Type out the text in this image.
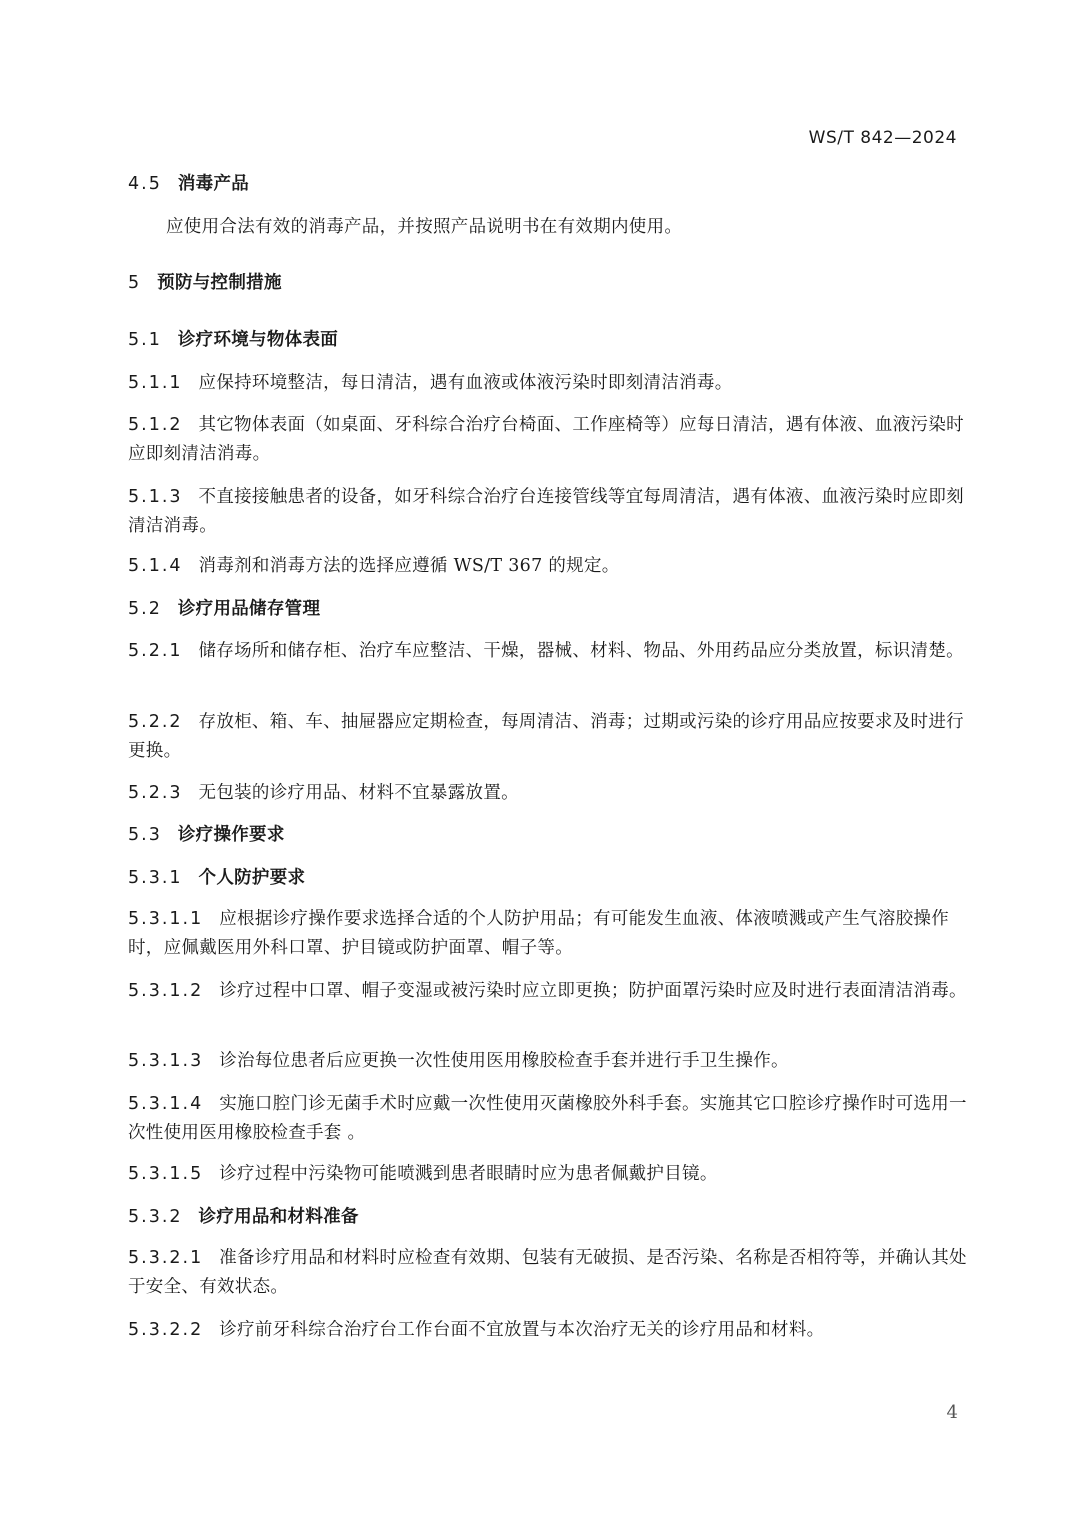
WS/T 842—2024
4.5 消毒产品
应使用合法有效的消毒产品，并按照产品说明书在有效期内使用。
5 预防与控制措施
5.1 诊疗环境与物体表面
5.1.1 应保持环境整洁，每日清洁，遇有血液或体液污染时即刻清洁消毒。
5.1.2 其它物体表面（如桌面、牙科综合治疗台椅面、工作座椅等）应每日清洁，遇有体液、血液污染时应即刻清洁消毒。
5.1.3 不直接接触患者的设备，如牙科综合治疗台连接管线等宜每周清洁，遇有体液、血液污染时应即刻清洁消毒。
5.1.4 消毒剂和消毒方法的选择应遵循 WS/T 367 的规定。
5.2 诊疗用品储存管理
5.2.1 储存场所和储存柜、治疗车应整洁、干燥，器械、材料、物品、外用药品应分类放置，标识清楚。
5.2.2 存放柜、箱、车、抽屉器应定期检查，每周清洁、消毒；过期或污染的诊疗用品应按要求及时进行更换。
5.2.3 无包装的诊疗用品、材料不宜暴露放置。
5.3 诊疗操作要求
5.3.1 个人防护要求
5.3.1.1 应根据诊疗操作要求选择合适的个人防护用品；有可能发生血液、体液喷溅或产生气溶胶操作时，应佩戴医用外科口罩、护目镜或防护面罩、帽子等。
5.3.1.2 诊疗过程中口罩、帽子变湿或被污染时应立即更换；防护面罩污染时应及时进行表面清洁消毒。
5.3.1.3 诊治每位患者后应更换一次性使用医用橡胶检查手套并进行手卫生操作。
5.3.1.4 实施口腔门诊无菌手术时应戴一次性使用灭菌橡胶外科手套。实施其它口腔诊疗操作时可选用一次性使用医用橡胶检查手套 。
5.3.1.5 诊疗过程中污染物可能喷溅到患者眼睛时应为患者佩戴护目镜。
5.3.2 诊疗用品和材料准备
5.3.2.1 准备诊疗用品和材料时应检查有效期、包装有无破损、是否污染、名称是否相符等，并确认其处于安全、有效状态。
5.3.2.2 诊疗前牙科综合治疗台工作台面不宜放置与本次治疗无关的诊疗用品和材料。
4
